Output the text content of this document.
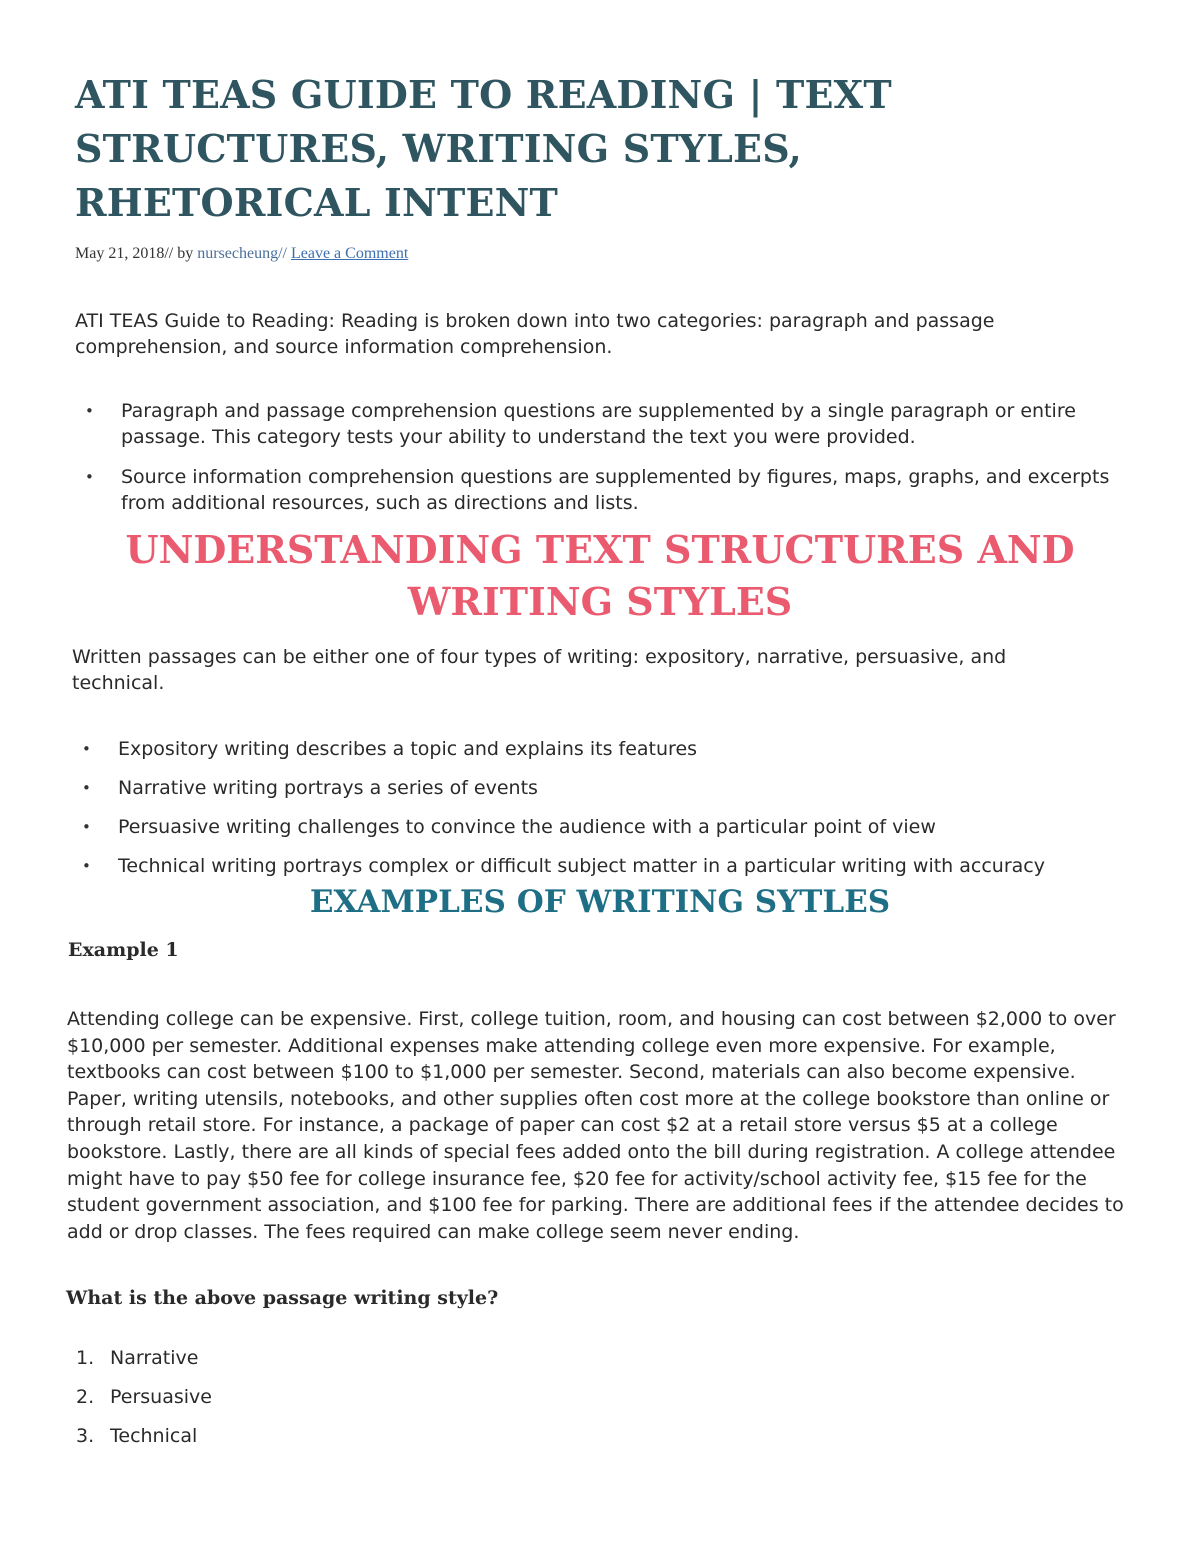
ATI TEAS GUIDE TO READING | TEXT STRUCTURES, WRITING STYLES, RHETORICAL INTENT
May 21, 2018// by nursecheung// Leave a Comment

ATI TEAS Guide to Reading: Reading is broken down into two categories: paragraph and passage comprehension, and source information comprehension.

• Paragraph and passage comprehension questions are supplemented by a single paragraph or entire passage. This category tests your ability to understand the text you were provided.
• Source information comprehension questions are supplemented by figures, maps, graphs, and excerpts from additional resources, such as directions and lists.
UNDERSTANDING TEXT STRUCTURES AND
WRITING STYLES

Written passages can be either one of four types of writing: expository, narrative, persuasive, and technical.

• Expository writing describes a topic and explains its features
• Narrative writing portrays a series of events
• Persuasive writing challenges to convince the audience with a particular point of view
• Technical writing portrays complex or difficult subject matter in a particular writing with accuracy
EXAMPLES OF WRITING SYTLES
Example 1

Attending college can be expensive. First, college tuition, room, and housing can cost between $2,000 to over $10,000 per semester. Additional expenses make attending college even more expensive. For example, textbooks can cost between $100 to $1,000 per semester. Second, materials can also become expensive. Paper, writing utensils, notebooks, and other supplies often cost more at the college bookstore than online or through retail store. For instance, a package of paper can cost $2 at a retail store versus $5 at a college bookstore. Lastly, there are all kinds of special fees added onto the bill during registration. A college attendee might have to pay $50 fee for college insurance fee, $20 fee for activity/school activity fee, $15 fee for the student government association, and $100 fee for parking. There are additional fees if the attendee decides to add or drop classes. The fees required can make college seem never ending.

What is the above passage writing style?
1. Narrative
2. Persuasive
3. Technical
